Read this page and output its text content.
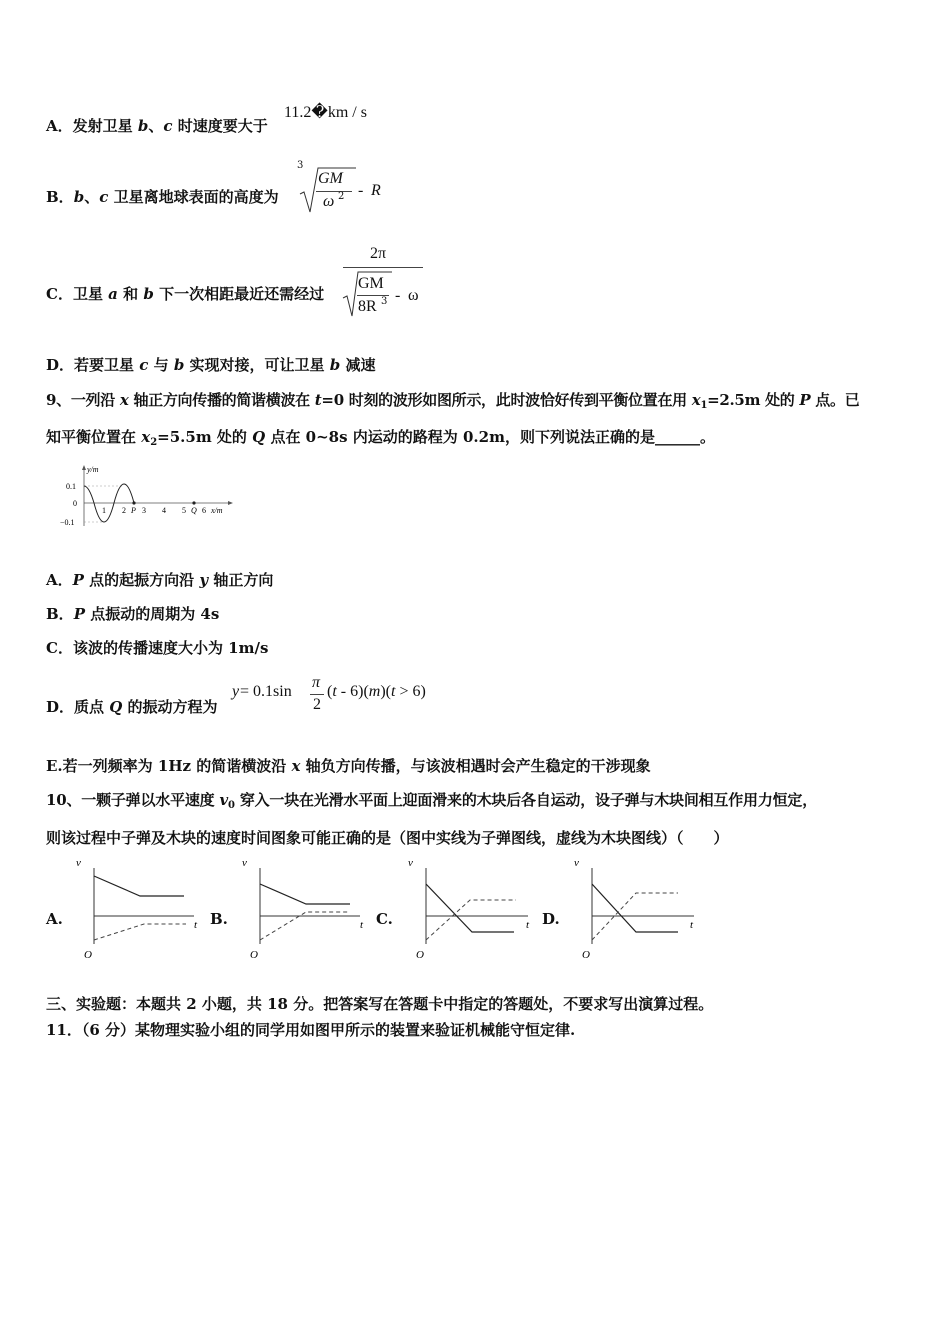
A．发射卫星 b、c 时速度要大于
11.2�km / s
B．b、c 卫星离地球表面的高度为
3
GM
ω 2 - R
C．卫星 a 和 b 下一次相距最近还需经过
2π
GM
8R 3 - ω
D．若要卫星 c 与 b 实现对接，可让卫星 b 减速
9、一列沿 x 轴正方向传播的简谐横波在 t=0 时刻的波形如图所示，此时波恰好传到平衡位置在用 $x_1=2.5m$ 处的 P 点。已
知平衡位置在 $x_2=5.5m$ 处的 Q 点在 0~8s 内运动的路程为 0.2m，则下列说法正确的是______。
y/m
0.1
0
−0.1
1 2 P 3 4 5 Q 6 x/m
A．P 点的起振方向沿 y 轴正方向
B．P 点振动的周期为 4s
C．该波的传播速度大小为 1m/s
D．质点 Q 的振动方程为
y = 0.1sin
π
2
(t - 6)(m)(t > 6)
E.若一列频率为 1Hz 的简谐横波沿 x 轴负方向传播，与该波相遇时会产生稳定的干涉现象
10、一颗子弹以水平速度 $v_0$ 穿入一块在光滑水平面上迎面滑来的木块后各自运动，设子弹与木块间相互作用力恒定，
则该过程中子弹及木块的速度时间图象可能正确的是（图中实线为子弹图线，虚线为木块图线）（　　）
A.
v
t
O
B.
v
t
O
C.
v
t
O
D.
v
t
O
三、实验题：本题共 2 小题，共 18 分。把答案写在答题卡中指定的答题处，不要求写出演算过程。
11．（6 分）某物理实验小组的同学用如图甲所示的装置来验证机械能守恒定律.
